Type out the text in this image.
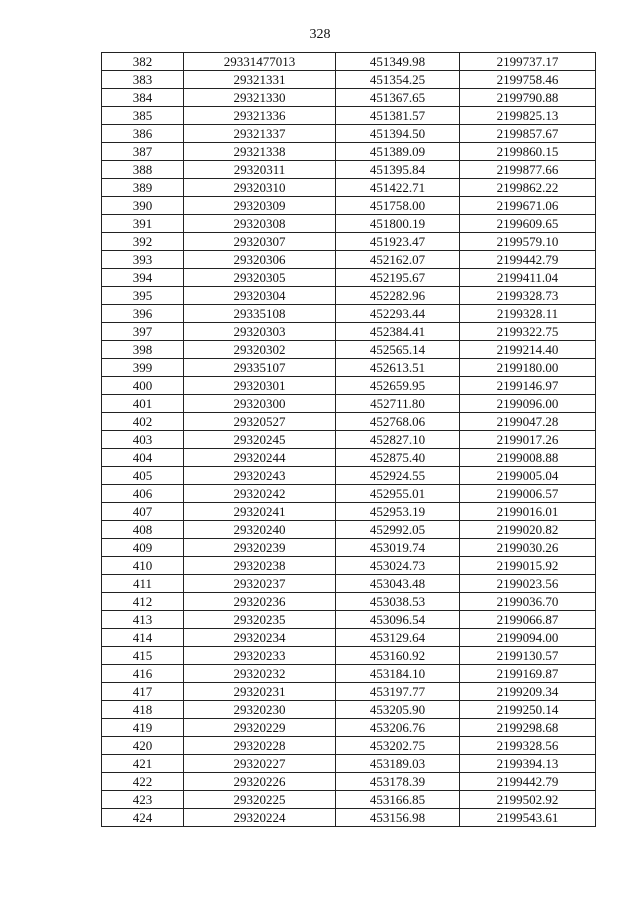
328
382	29331477013	451349.98	2199737.17
383	29321331	451354.25	2199758.46
384	29321330	451367.65	2199790.88
385	29321336	451381.57	2199825.13
386	29321337	451394.50	2199857.67
387	29321338	451389.09	2199860.15
388	29320311	451395.84	2199877.66
389	29320310	451422.71	2199862.22
390	29320309	451758.00	2199671.06
391	29320308	451800.19	2199609.65
392	29320307	451923.47	2199579.10
393	29320306	452162.07	2199442.79
394	29320305	452195.67	2199411.04
395	29320304	452282.96	2199328.73
396	29335108	452293.44	2199328.11
397	29320303	452384.41	2199322.75
398	29320302	452565.14	2199214.40
399	29335107	452613.51	2199180.00
400	29320301	452659.95	2199146.97
401	29320300	452711.80	2199096.00
402	29320527	452768.06	2199047.28
403	29320245	452827.10	2199017.26
404	29320244	452875.40	2199008.88
405	29320243	452924.55	2199005.04
406	29320242	452955.01	2199006.57
407	29320241	452953.19	2199016.01
408	29320240	452992.05	2199020.82
409	29320239	453019.74	2199030.26
410	29320238	453024.73	2199015.92
411	29320237	453043.48	2199023.56
412	29320236	453038.53	2199036.70
413	29320235	453096.54	2199066.87
414	29320234	453129.64	2199094.00
415	29320233	453160.92	2199130.57
416	29320232	453184.10	2199169.87
417	29320231	453197.77	2199209.34
418	29320230	453205.90	2199250.14
419	29320229	453206.76	2199298.68
420	29320228	453202.75	2199328.56
421	29320227	453189.03	2199394.13
422	29320226	453178.39	2199442.79
423	29320225	453166.85	2199502.92
424	29320224	453156.98	2199543.61
